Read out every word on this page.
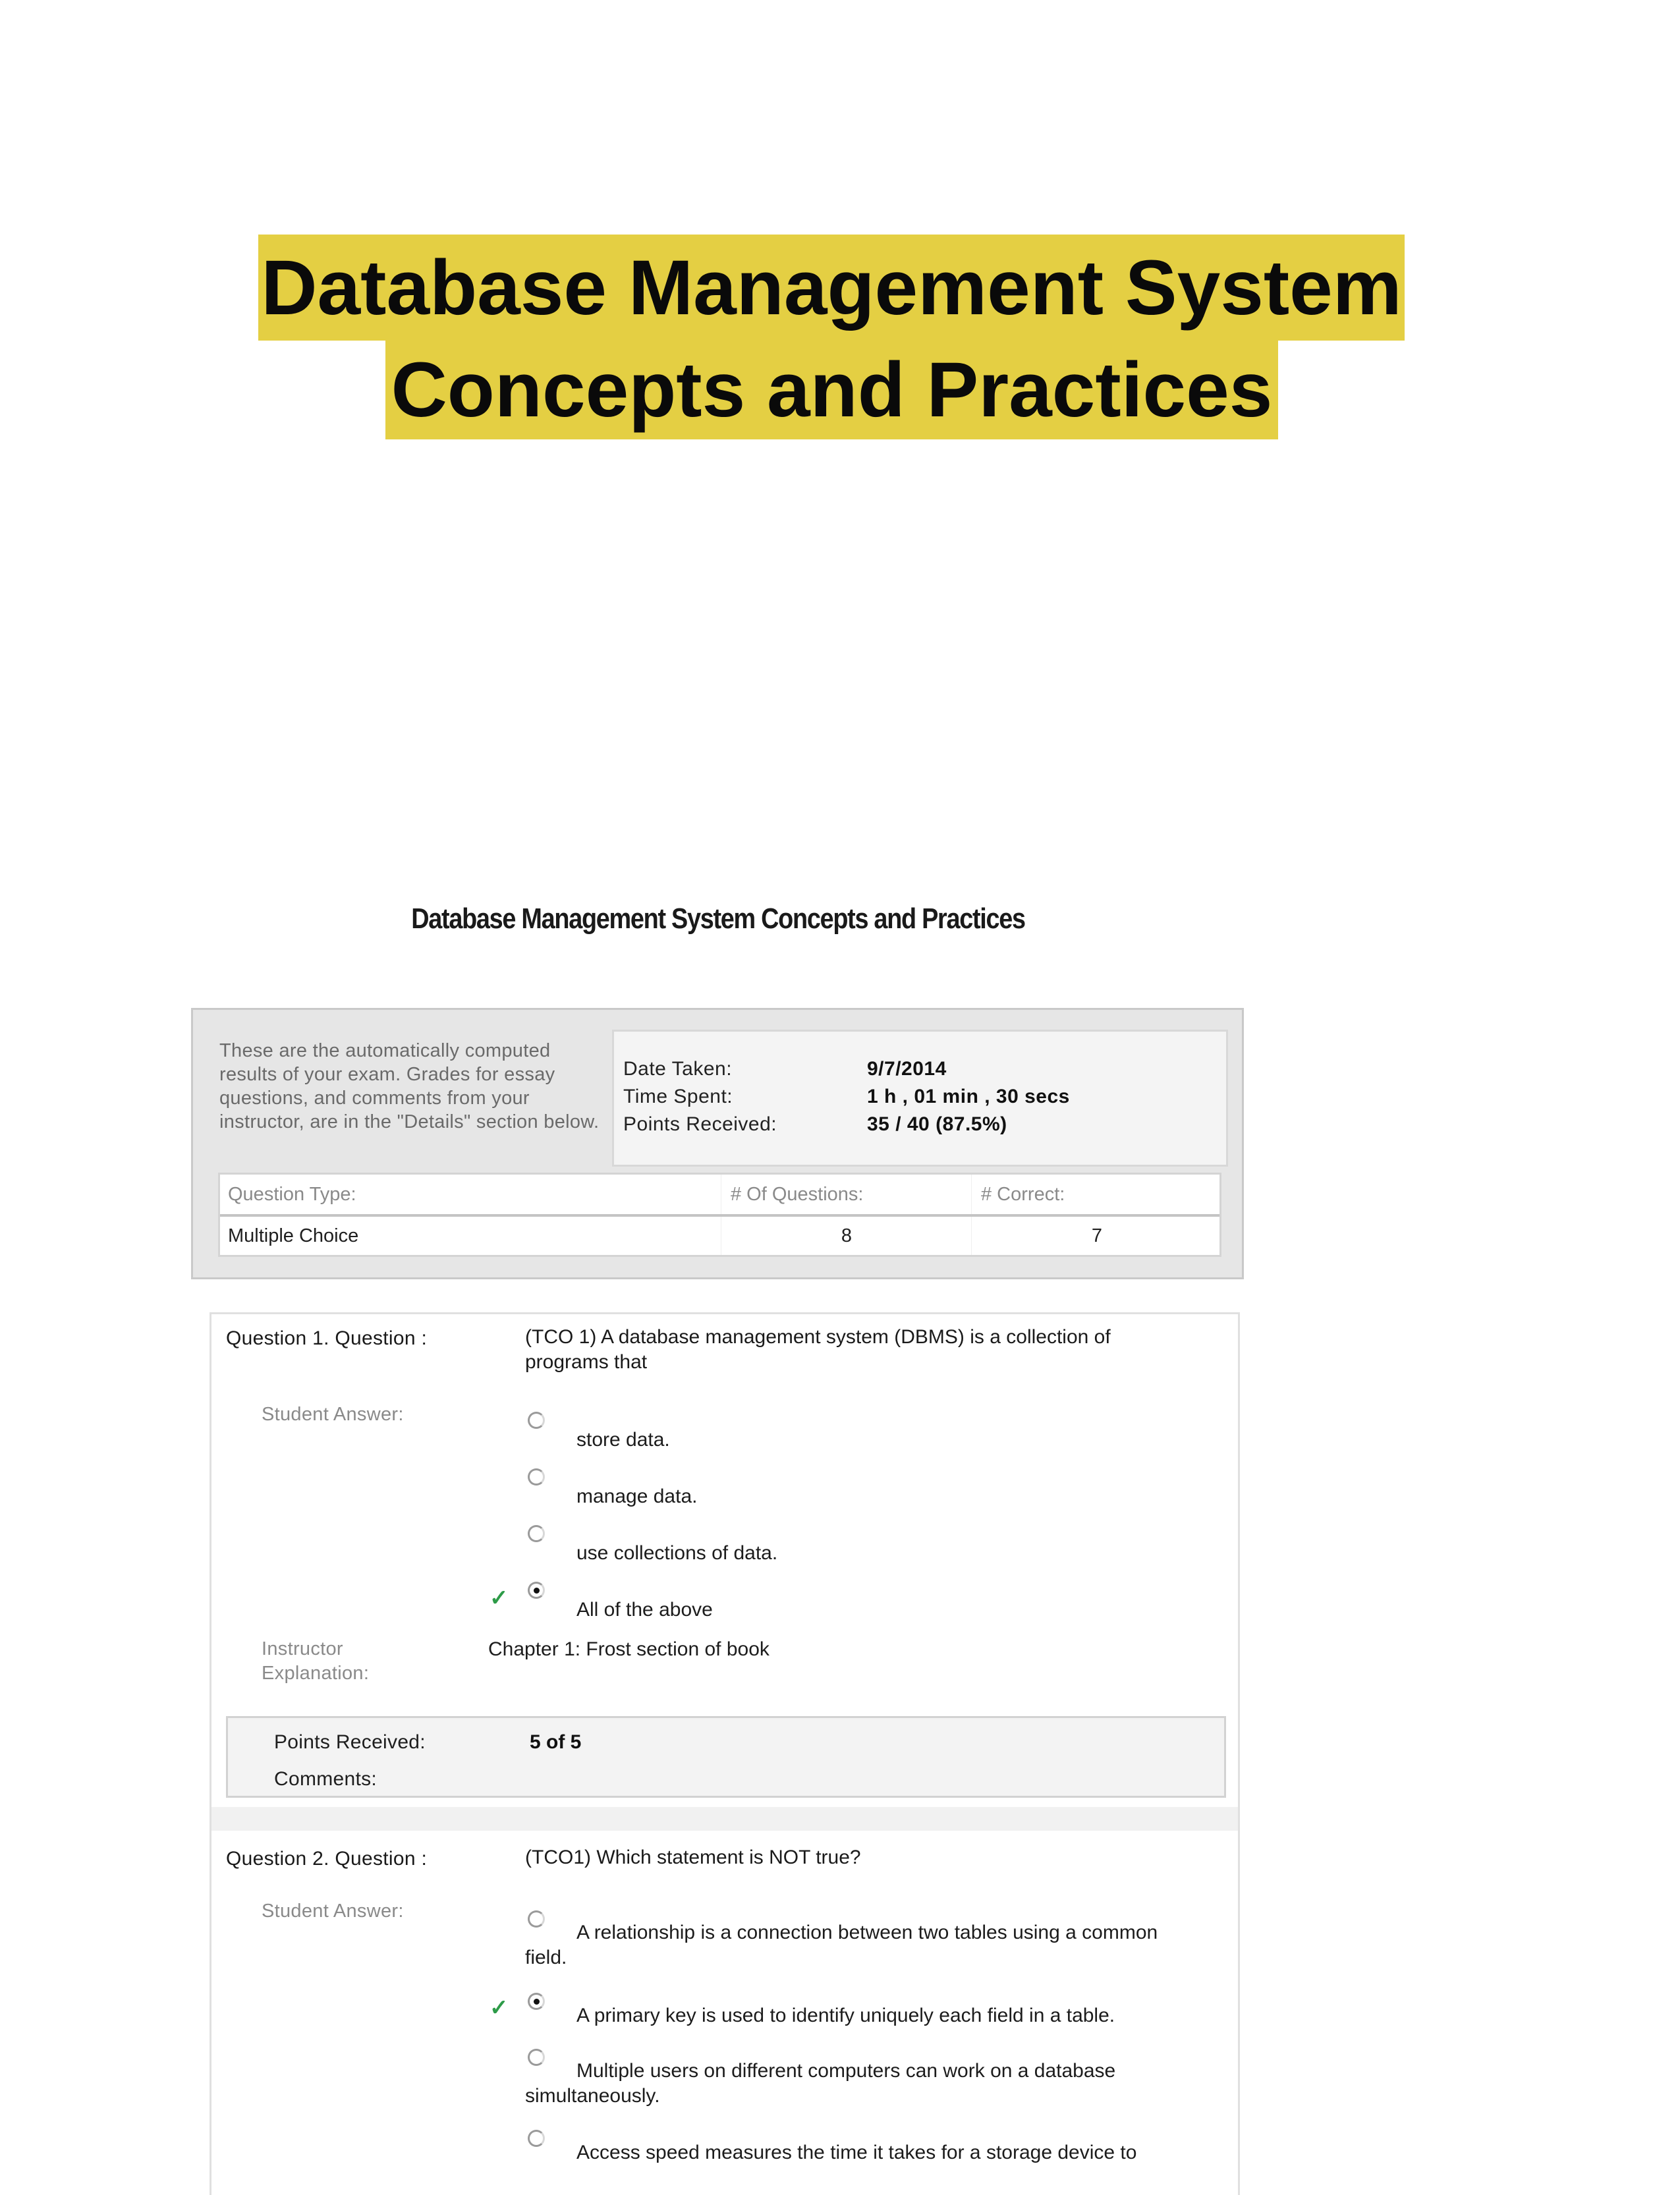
Database Management System
Concepts and Practices
Database Management System Concepts and Practices
These are the automatically computed results of your exam. Grades for essay questions, and comments from your instructor, are in the "Details" section below.
Date Taken:	9/7/2014
Time Spent:	1 h , 01 min , 30 secs
Points Received:	35 / 40 (87.5%)
Question Type:	# Of Questions:	# Correct:
Multiple Choice	8	7
Question 1. Question :	(TCO 1) A database management system (DBMS) is a collection of programs that
Student Answer:
store data.
manage data.
use collections of data.
✓	All of the above
Instructor Explanation:
Chapter 1: Frost section of book
Points Received:	5 of 5
Comments:
Question 2. Question :	(TCO1) Which statement is NOT true?
Student Answer:
A relationship is a connection between two tables using a common field.
✓	A primary key is used to identify uniquely each field in a table.
Multiple users on different computers can work on a database simultaneously.
Access speed measures the time it takes for a storage device to
